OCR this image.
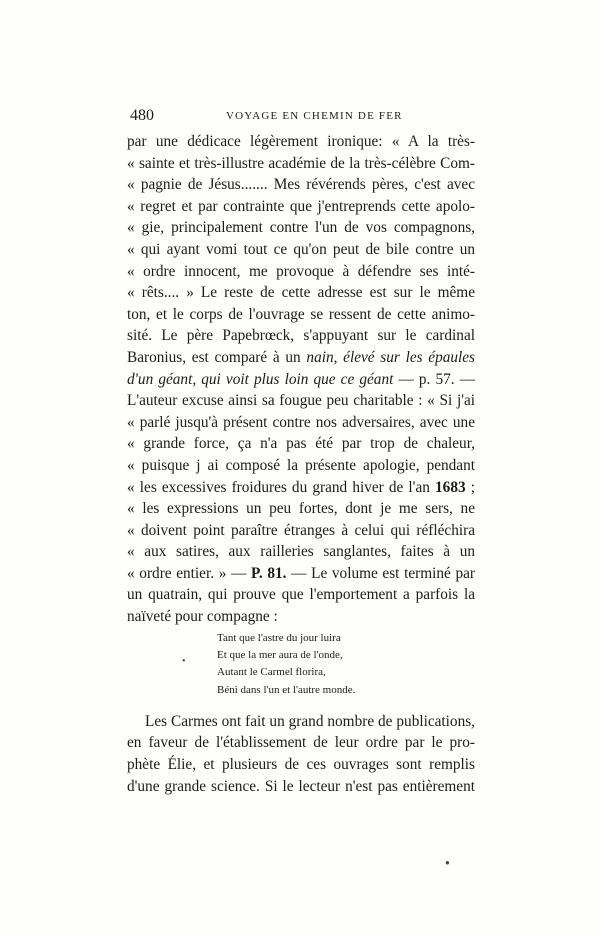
480	VOYAGE EN CHEMIN DE FER
par une dédicace légèrement ironique: « A la très-
« sainte et très-illustre académie de la très-célèbre Com-
« pagnie de Jésus....... Mes révérends pères, c'est avec
« regret et par contrainte que j'entreprends cette apolo-
« gie, principalement contre l'un de vos compagnons,
« qui ayant vomi tout ce qu'on peut de bile contre un
« ordre innocent, me provoque à défendre ses inté-
« rêts.... » Le reste de cette adresse est sur le même
ton, et le corps de l'ouvrage se ressent de cette animo-
sité. Le père Papebrœck, s'appuyant sur le cardinal
Baronius, est comparé à un nain, élevé sur les épaules
d'un géant, qui voit plus loin que ce géant — p. 57. —
L'auteur excuse ainsi sa fougue peu charitable : « Si j'ai
« parlé jusqu'à présent contre nos adversaires, avec une
« grande force, ça n'a pas été par trop de chaleur,
« puisque j ai composé la présente apologie, pendant
« les excessives froidures du grand hiver de l'an 1683 ;
« les expressions un peu fortes, dont je me sers, ne
« doivent point paraître étranges à celui qui réfléchira
« aux satires, aux railleries sanglantes, faites à un
« ordre entier. » — P. 81. — Le volume est terminé par
un quatrain, qui prouve que l'emportement a parfois la
naïveté pour compagne :
Tant que l'astre du jour luira
Et que la mer aura de l'onde,
Autant le Carmel florira,
Béni dans l'un et l'autre monde.
Les Carmes ont fait un grand nombre de publications,
en faveur de l'établissement de leur ordre par le pro-
phète Élie, et plusieurs de ces ouvrages sont remplis
d'une grande science. Si le lecteur n'est pas entièrement
•
●
